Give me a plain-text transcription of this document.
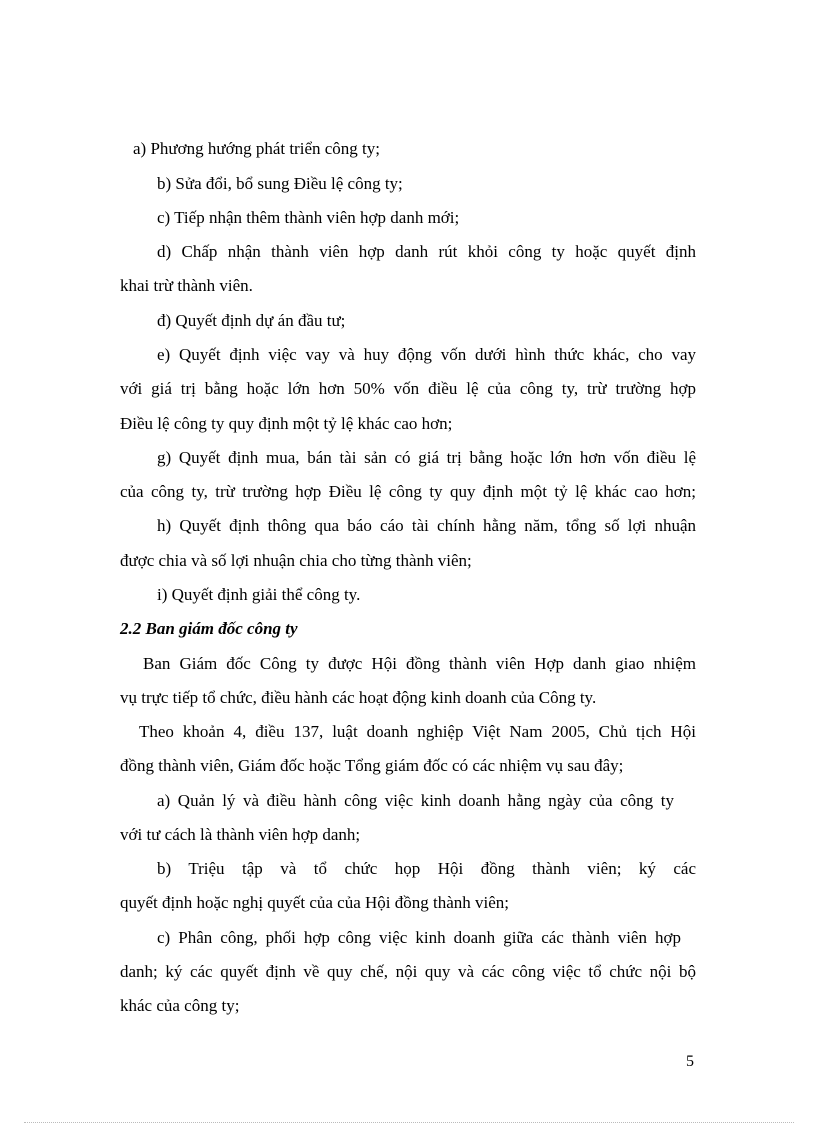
a) Phương hướng phát triển công ty;

b) Sửa đổi, bổ sung Điều lệ công ty;

c) Tiếp nhận thêm thành viên hợp danh mới;

d) Chấp nhận thành viên hợp danh rút khỏi công ty hoặc quyết định

khai trừ thành viên.

đ) Quyết định dự án đầu tư;

e) Quyết định việc vay và huy động vốn dưới hình thức khác, cho vay

với giá trị bằng hoặc lớn hơn 50% vốn điều lệ của công ty, trừ trường hợp

Điều lệ công ty quy định một tỷ lệ khác cao hơn;

g) Quyết định mua, bán tài sản có giá trị bằng hoặc lớn hơn vốn điều lệ

của công ty, trừ trường hợp Điều lệ công ty quy định một tỷ lệ khác cao hơn;

h) Quyết định thông qua báo cáo tài chính hằng năm, tổng số lợi nhuận

được chia và số lợi nhuận chia cho từng thành viên;

i) Quyết định giải thể công ty.

2.2 Ban giám đốc công ty

Ban Giám đốc Công ty được Hội đồng thành viên Hợp danh giao nhiệm

vụ trực tiếp tổ chức, điều hành các hoạt động kinh doanh của Công ty.

Theo khoản 4, điều 137, luật doanh nghiệp Việt Nam 2005, Chủ tịch Hội

đồng thành viên, Giám đốc hoặc Tổng giám đốc có các nhiệm vụ sau đây;

a) Quản lý và điều hành công việc kinh doanh hằng ngày của công ty

với tư cách là thành viên hợp danh;

b) Triệu tập và tổ chức họp Hội đồng thành viên; ký các

quyết định hoặc nghị quyết của của Hội đồng thành viên;

c) Phân công, phối hợp công việc kinh doanh giữa các thành viên hợp

danh; ký các quyết định về quy chế, nội quy và các công việc tổ chức nội bộ

khác của công ty;

5
